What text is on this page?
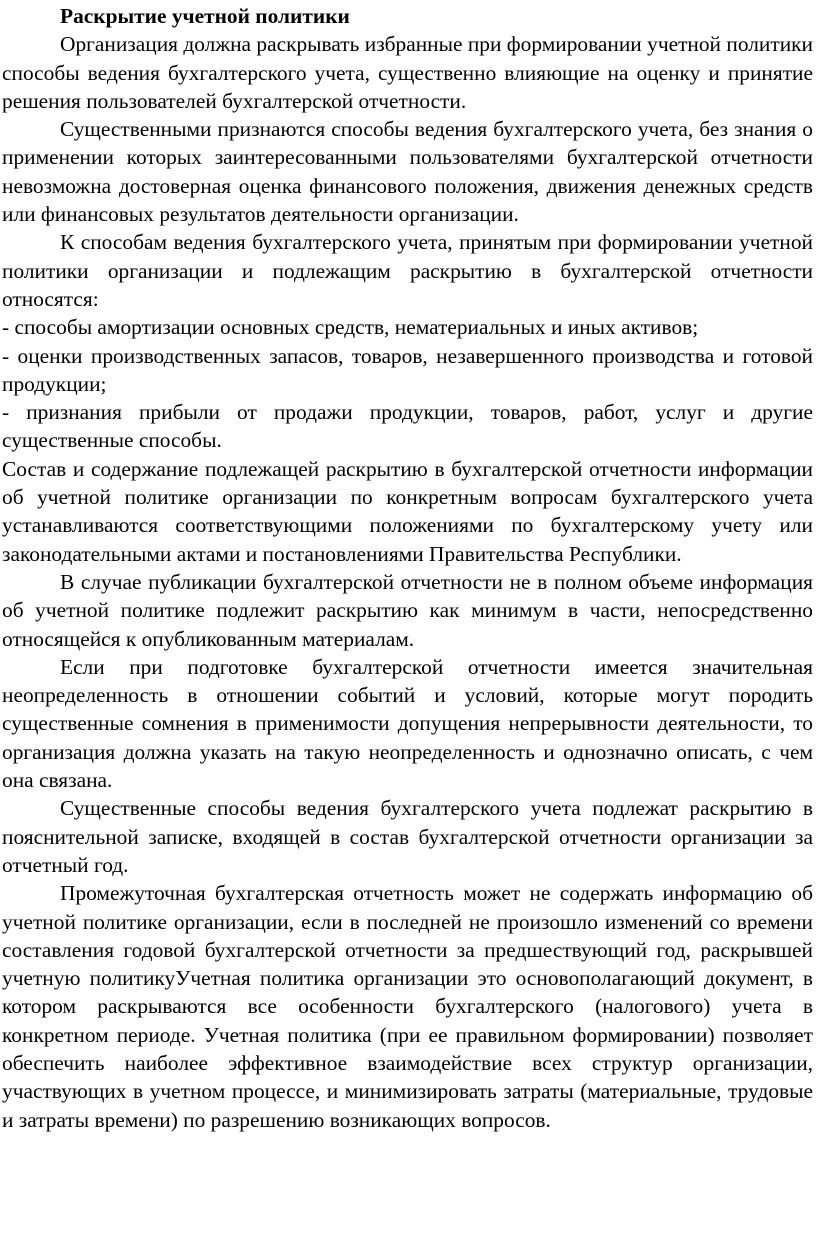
Раскрытие учетной политики

Организация должна раскрывать избранные при формировании учетной политики способы ведения бухгалтерского учета, существенно влияющие на оценку и принятие решения пользователей бухгалтерской отчетности.

Существенными признаются способы ведения бухгалтерского учета, без знания о применении которых заинтересованными пользователями бухгалтерской отчетности невозможна достоверная оценка финансового положения, движения денежных средств или финансовых результатов деятельности организации.

К способам ведения бухгалтерского учета, принятым при формировании учетной политики организации и подлежащим раскрытию в бухгалтерской отчетности относятся:

- способы амортизации основных средств, нематериальных и иных активов;

- оценки производственных запасов, товаров, незавершенного производства и готовой продукции;

- признания прибыли от продажи продукции, товаров, работ, услуг и другие существенные способы.

Состав и содержание подлежащей раскрытию в бухгалтерской отчетности информации об учетной политике организации по конкретным вопросам бухгалтерского учета устанавливаются соответствующими положениями по бухгалтерскому учету или законодательными актами и постановлениями Правительства Республики.

В случае публикации бухгалтерской отчетности не в полном объеме информация об учетной политике подлежит раскрытию как минимум в части, непосредственно относящейся к опубликованным материалам.

Если при подготовке бухгалтерской отчетности имеется значительная неопределенность в отношении событий и условий, которые могут породить существенные сомнения в применимости допущения непрерывности деятельности, то организация должна указать на такую неопределенность и однозначно описать, с чем она связана.

Существенные способы ведения бухгалтерского учета подлежат раскрытию в пояснительной записке, входящей в состав бухгалтерской отчетности организации за отчетный год.

Промежуточная бухгалтерская отчетность может не содержать информацию об учетной политике организации, если в последней не произошло изменений со времени составления годовой бухгалтерской отчетности за предшествующий год, раскрывшей учетную политикуУчетная политика организации это основополагающий документ, в котором раскрываются все особенности бухгалтерского (налогового) учета в конкретном периоде. Учетная политика (при ее правильном формировании) позволяет обеспечить наиболее эффективное взаимодействие всех структур организации, участвующих в учетном процессе, и минимизировать затраты (материальные, трудовые и затраты времени) по разрешению возникающих вопросов.
